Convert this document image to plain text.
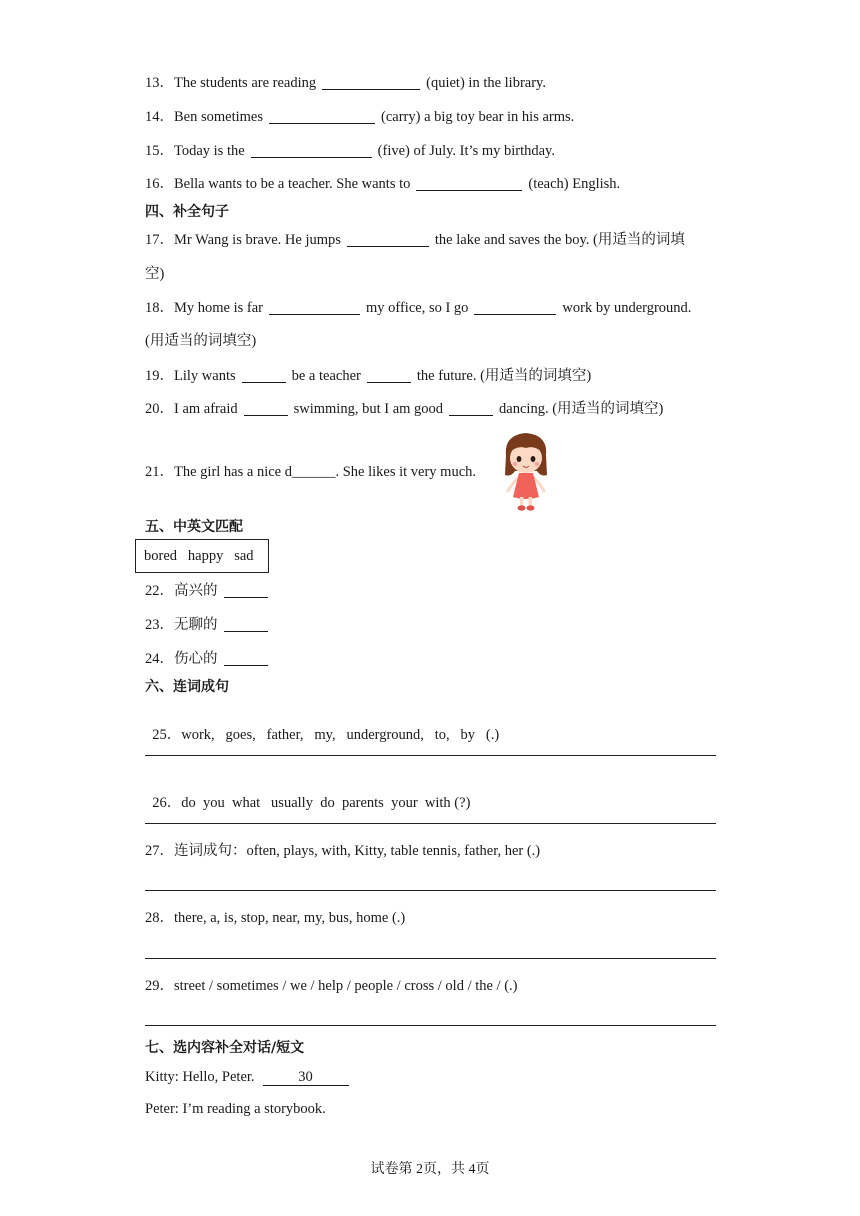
13．The students are reading	(quiet) in the library.
14．Ben sometimes	(carry) a big toy bear in his arms.
15．Today is the	(five) of July. It’s my birthday.
16．Bella wants to be a teacher. She wants to	(teach) English.
四、补全句子
17．Mr Wang is brave. He jumps	the lake and saves the boy. (用适当的词填
空)
18．My home is far	my office, so I go	work by underground.
(用适当的词填空)
19．Lily wants	be a teacher	the future. (用适当的词填空)
20．I am afraid	swimming, but I am good	dancing. (用适当的词填空)
21．The girl has a nice d______. She likes it very much.
五、中英文匹配
bored   happy   sad
22．高兴的
23．无聊的
24．伤心的
六、连词成句

25．work,   goes,   father,   my,   underground,   to,   by   (.)

26．do  you  what   usually  do  parents  your  with (?)

27．连词成句：often, plays, with, Kitty, table tennis, father, her (.)
28．there, a, is, stop, near, my, bus, home (.)
29．street / sometimes / we / help / people / cross / old / the / (.)
七、选内容补全对话/短文
Kitty: Hello, Peter.	30
Peter: I’m reading a storybook.
试卷第 2页，共 4页
